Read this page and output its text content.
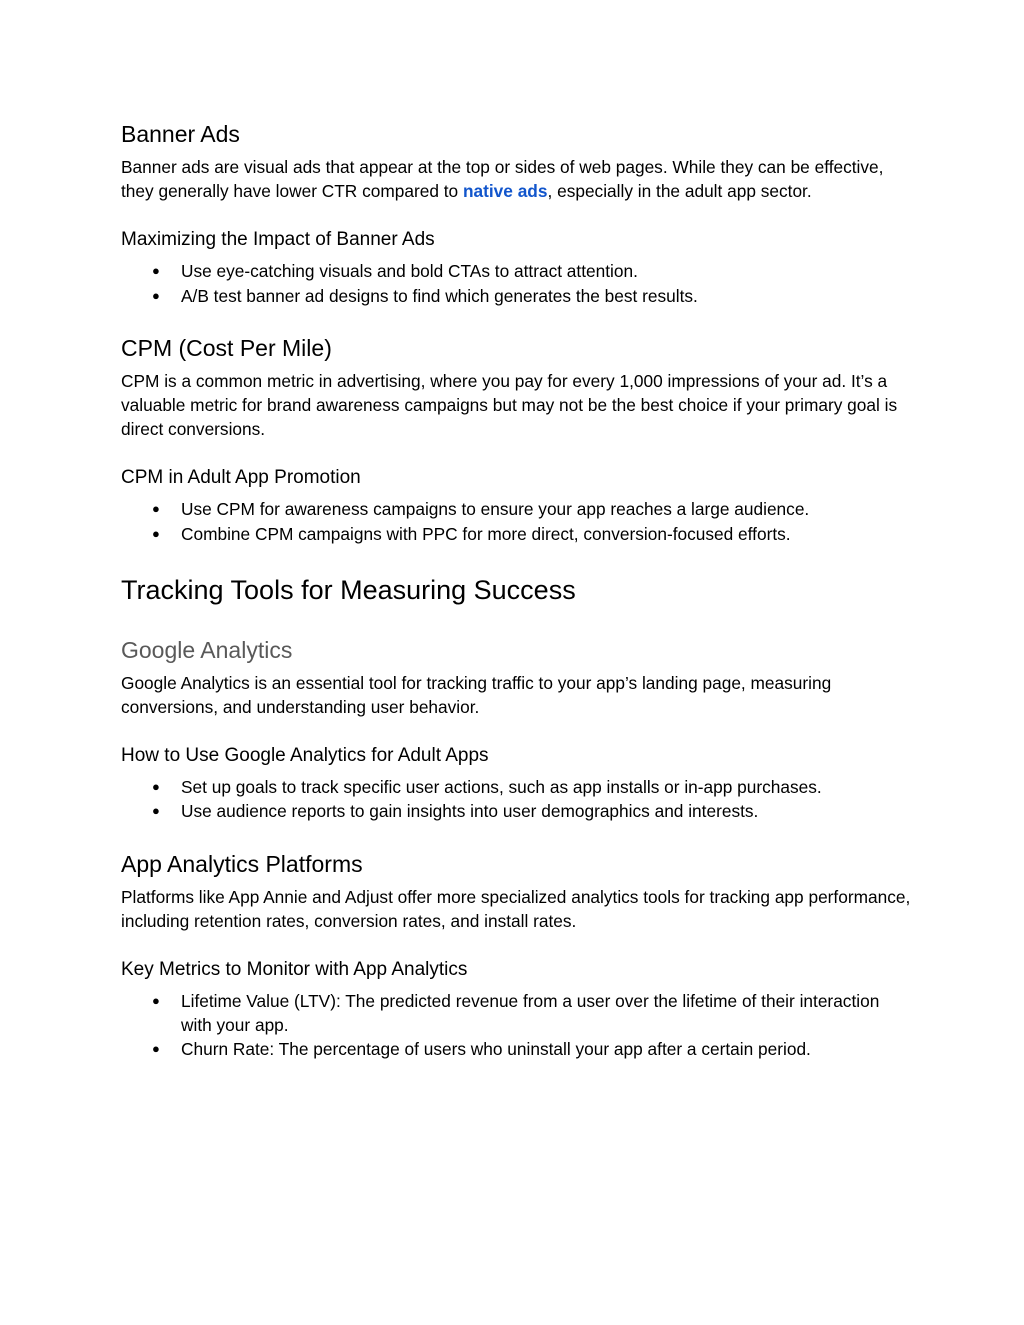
Banner Ads

Banner ads are visual ads that appear at the top or sides of web pages. While they can be effective, they generally have lower CTR compared to native ads, especially in the adult app sector.

Maximizing the Impact of Banner Ads
● Use eye-catching visuals and bold CTAs to attract attention.
● A/B test banner ad designs to find which generates the best results.
CPM (Cost Per Mile)

CPM is a common metric in advertising, where you pay for every 1,000 impressions of your ad. It’s a valuable metric for brand awareness campaigns but may not be the best choice if your primary goal is direct conversions.

CPM in Adult App Promotion
● Use CPM for awareness campaigns to ensure your app reaches a large audience.
● Combine CPM campaigns with PPC for more direct, conversion-focused efforts.
Tracking Tools for Measuring Success
Google Analytics

Google Analytics is an essential tool for tracking traffic to your app’s landing page, measuring conversions, and understanding user behavior.

How to Use Google Analytics for Adult Apps
● Set up goals to track specific user actions, such as app installs or in-app purchases.
● Use audience reports to gain insights into user demographics and interests.
App Analytics Platforms

Platforms like App Annie and Adjust offer more specialized analytics tools for tracking app performance, including retention rates, conversion rates, and install rates.

Key Metrics to Monitor with App Analytics
● Lifetime Value (LTV): The predicted revenue from a user over the lifetime of their interaction with your app.
● Churn Rate: The percentage of users who uninstall your app after a certain period.
